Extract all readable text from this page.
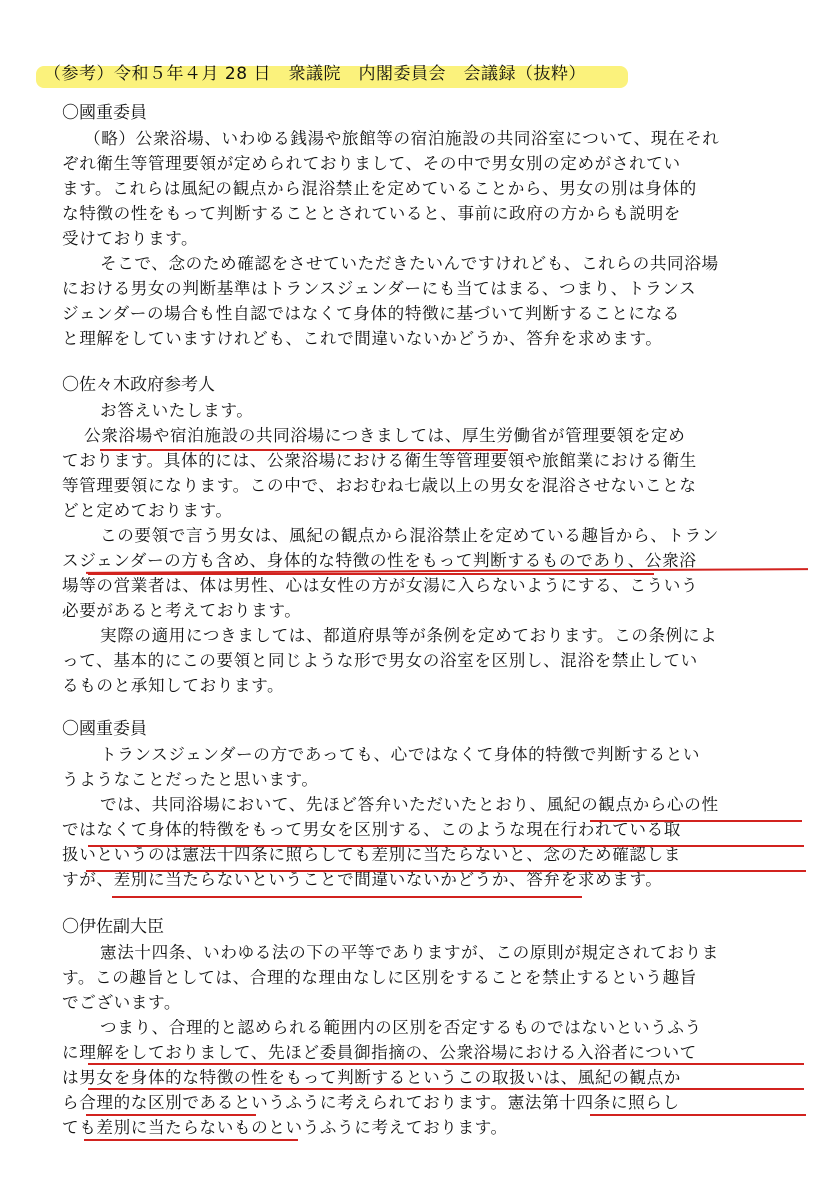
（参考）令和５年４月 28 日　衆議院　内閣委員会　会議録（抜粋）
〇國重委員
（略）公衆浴場、いわゆる銭湯や旅館等の宿泊施設の共同浴室について、現在それ
ぞれ衛生等管理要領が定められておりまして、その中で男女別の定めがされてい
ます。これらは風紀の観点から混浴禁止を定めていることから、男女の別は身体的
な特徴の性をもって判断することとされていると、事前に政府の方からも説明を
受けております。
そこで、念のため確認をさせていただきたいんですけれども、これらの共同浴場
における男女の判断基準はトランスジェンダーにも当てはまる、つまり、トランス
ジェンダーの場合も性自認ではなくて身体的特徴に基づいて判断することになる
と理解をしていますけれども、これで間違いないかどうか、答弁を求めます。
〇佐々木政府参考人
お答えいたします。
公衆浴場や宿泊施設の共同浴場につきましては、厚生労働省が管理要領を定め
ております。具体的には、公衆浴場における衛生等管理要領や旅館業における衛生
等管理要領になります。この中で、おおむね七歳以上の男女を混浴させないことな
どと定めております。
この要領で言う男女は、風紀の観点から混浴禁止を定めている趣旨から、トラン
スジェンダーの方も含め、身体的な特徴の性をもって判断するものであり、公衆浴
場等の営業者は、体は男性、心は女性の方が女湯に入らないようにする、こういう
必要があると考えております。
実際の適用につきましては、都道府県等が条例を定めております。この条例によ
って、基本的にこの要領と同じような形で男女の浴室を区別し、混浴を禁止してい
るものと承知しております。
〇國重委員
トランスジェンダーの方であっても、心ではなくて身体的特徴で判断するとい
うようなことだったと思います。
では、共同浴場において、先ほど答弁いただいたとおり、風紀の観点から心の性
ではなくて身体的特徴をもって男女を区別する、このような現在行われている取
扱いというのは憲法十四条に照らしても差別に当たらないと、念のため確認しま
すが、差別に当たらないということで間違いないかどうか、答弁を求めます。
〇伊佐副大臣
憲法十四条、いわゆる法の下の平等でありますが、この原則が規定されておりま
す。この趣旨としては、合理的な理由なしに区別をすることを禁止するという趣旨
でございます。
つまり、合理的と認められる範囲内の区別を否定するものではないというふう
に理解をしておりまして、先ほど委員御指摘の、公衆浴場における入浴者について
は男女を身体的な特徴の性をもって判断するというこの取扱いは、風紀の観点か
ら合理的な区別であるというふうに考えられております。憲法第十四条に照らし
ても差別に当たらないものというふうに考えております。
